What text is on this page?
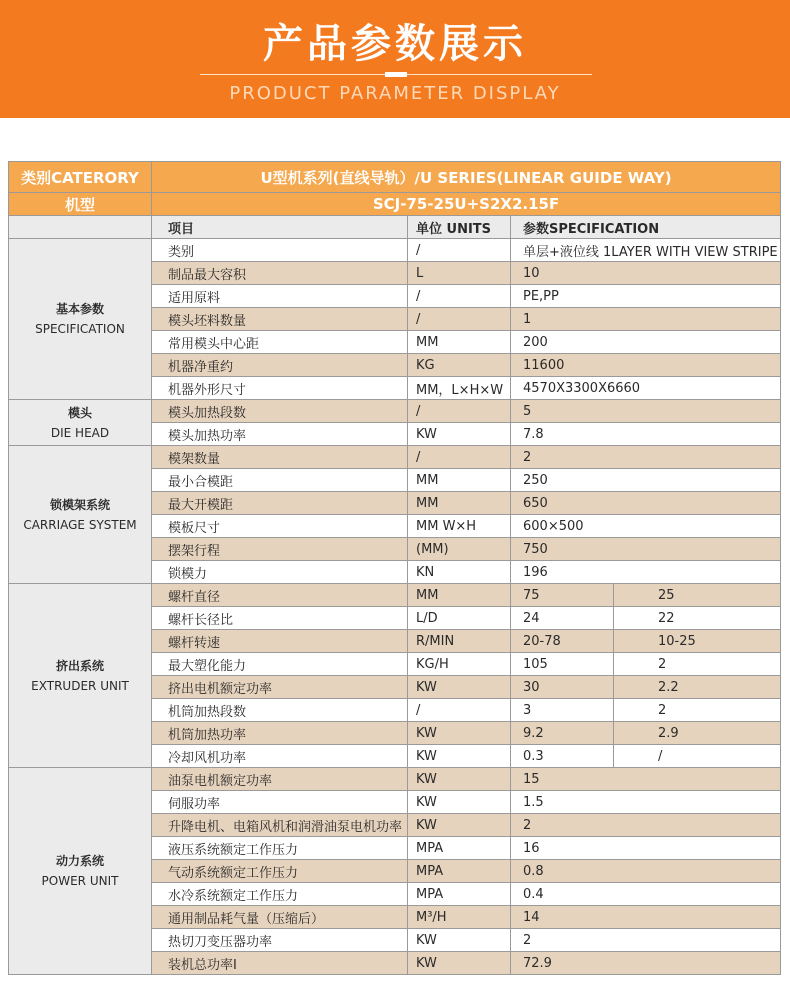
产品参数展示
PRODUCT PARAMETER DISPLAY
类别CATERORY	U型机系列(直线导轨）/U SERIES(LINEAR GUIDE WAY)			
机型	SCJ-75-25U+S2X2.15F			
	项目	单位 UNITS	参数SPECIFICATION	

基本参数
SPECIFICATION	类别	/	单层+液位线 1LAYER WITH VIEW STRIPE	
	制品最大容积	L	10	
	适用原料	/	PE,PP	
	模头坯料数量	/	1	
	常用模头中心距	MM	200	
	机器净重约	KG	11600	
	机器外形尺寸	MM，L×H×W	4570X3300X6660	

模头
DIE HEAD	模头加热段数	/	5	
	模头加热功率	KW	7.8	

锁模架系统
CARRIAGE SYSTEM	模架数量	/	2	
	最小合模距	MM	250	
	最大开模距	MM	650	
	模板尺寸	MM W×H	600×500	
	摆架行程	(MM)	750	
	锁模力	KN	196	

挤出系统
EXTRUDER UNIT	螺杆直径	MM	75	25
	螺杆长径比	L/D	24	22
	螺杆转速	R/MIN	20-78	10-25
	最大塑化能力	KG/H	105	2
	挤出电机额定功率	KW	30	2.2
	机筒加热段数	/	3	2
	机筒加热功率	KW	9.2	2.9
	冷却风机功率	KW	0.3	/

动力系统
POWER UNIT	油泵电机额定功率	KW	15	
	伺服功率	KW	1.5	
	升降电机、电箱风机和润滑油泵电机功率	KW	2	
	液压系统额定工作压力	MPA	16	
	气动系统额定工作压力	MPA	0.8	
	水冷系统额定工作压力	MPA	0.4	
	通用制品耗气量（压缩后）	M³/H	14	
	热切刀变压器功率	KW	2	
	装机总功率I	KW	72.9	
